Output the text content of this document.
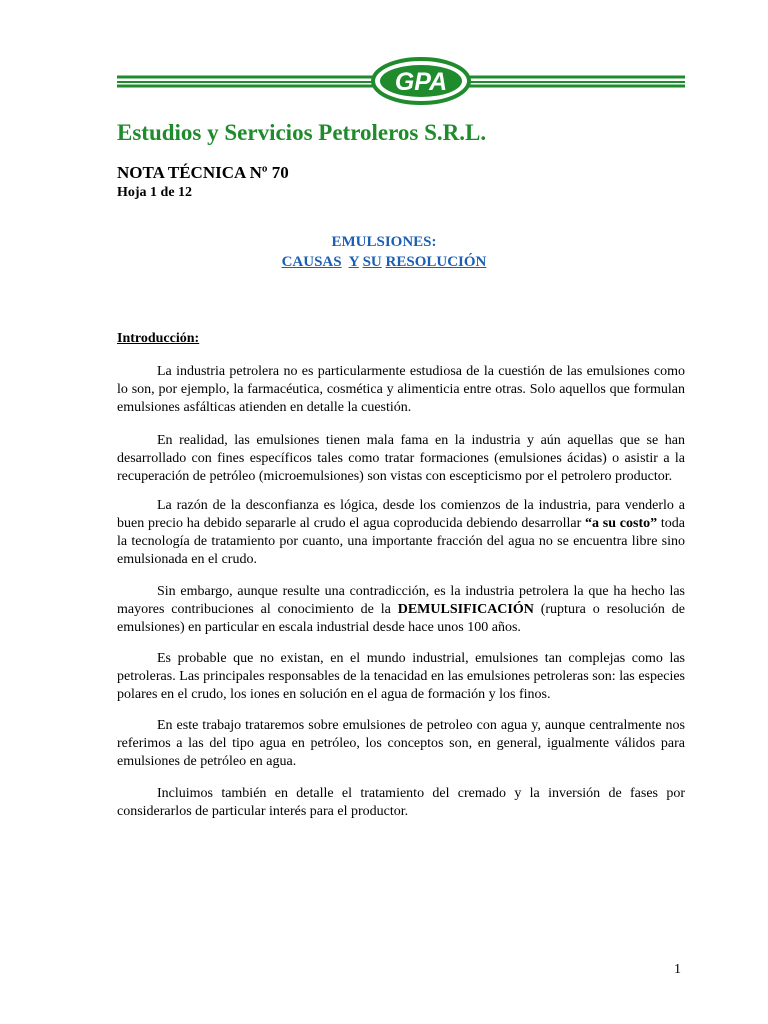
GPA
Estudios y Servicios Petroleros S.R.L.
NOTA TÉCNICA Nº 70
Hoja 1 de 12
EMULSIONES:
CAUSAS Y SU RESOLUCIÓN
Introducción:

La industria petrolera no es particularmente estudiosa de la cuestión de las emulsiones como lo son, por ejemplo, la farmacéutica, cosmética y alimenticia entre otras. Solo aquellos que formulan emulsiones asfálticas atienden en detalle la cuestión.

En realidad, las emulsiones tienen mala fama en la industria y aún aquellas que se han desarrollado con fines específicos tales como tratar formaciones (emulsiones ácidas) o asistir a la recuperación de petróleo (microemulsiones) son vistas con escepticismo por el petrolero productor.

La razón de la desconfianza es lógica, desde los comienzos de la industria, para venderlo a buen precio ha debido separarle al crudo el agua coproducida debiendo desarrollar “a su costo” toda la tecnología de tratamiento por cuanto, una importante fracción del agua no se encuentra libre sino emulsionada en el crudo.

Sin embargo, aunque resulte una contradicción, es la industria petrolera la que ha hecho las mayores contribuciones al conocimiento de la DEMULSIFICACIÓN (ruptura o resolución de emulsiones) en particular en escala industrial desde hace unos 100 años.

Es probable que no existan, en el mundo industrial, emulsiones tan complejas como las petroleras. Las principales responsables de la tenacidad en las emulsiones petroleras son: las especies polares en el crudo, los iones en solución en el agua de formación y los finos.

En este trabajo trataremos sobre emulsiones de petroleo con agua y, aunque centralmente nos referimos a las del tipo agua en petróleo, los conceptos son, en general, igualmente válidos para emulsiones de petróleo en agua.

Incluimos también en detalle el tratamiento del cremado y la inversión de fases por considerarlos de particular interés para el productor.

1
